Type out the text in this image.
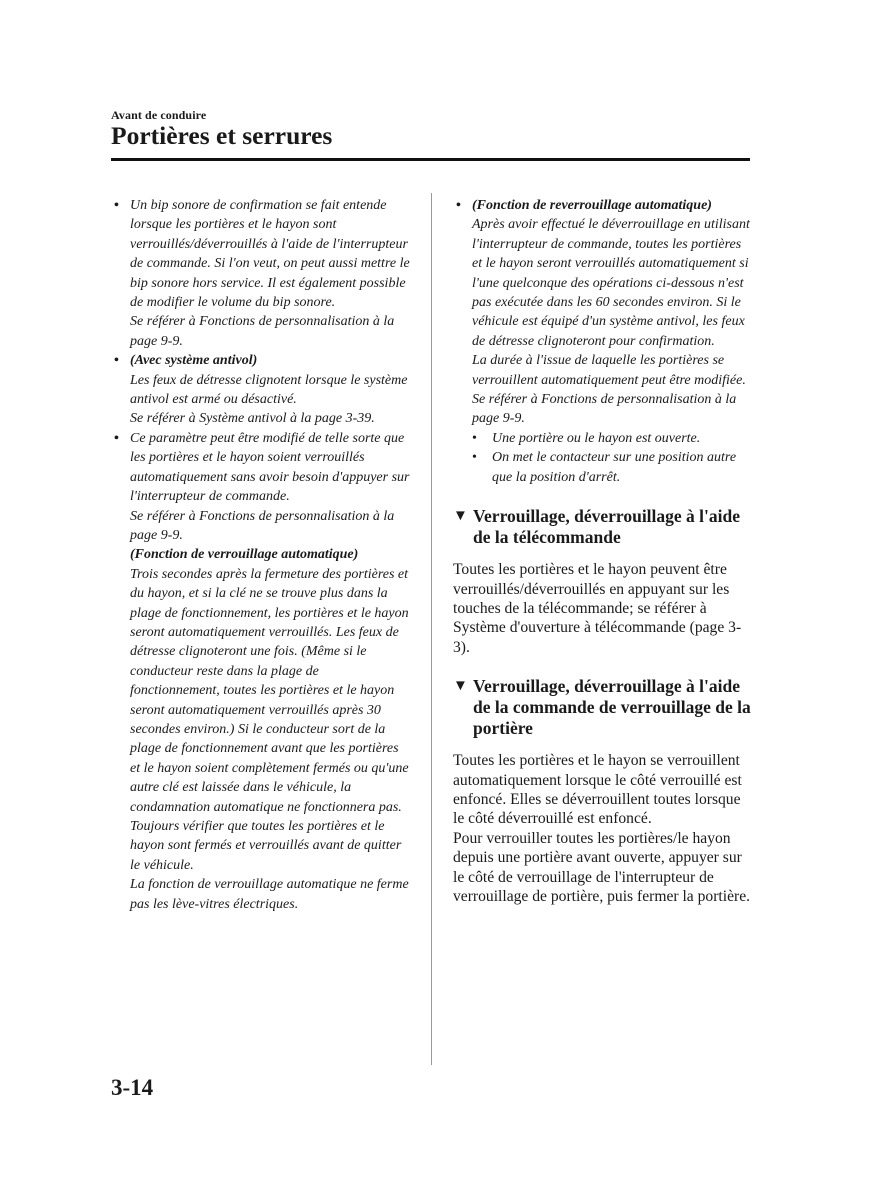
Avant de conduire
Portières et serrures
• Un bip sonore de confirmation se fait entende lorsque les portières et le hayon sont verrouillés/déverrouillés à l'aide de l'interrupteur de commande. Si l'on veut, on peut aussi mettre le bip sonore hors service. Il est également possible de modifier le volume du bip sonore.

Se référer à Fonctions de personnalisation à la page 9-9.

• (Avec système antivol)

Les feux de détresse clignotent lorsque le système antivol est armé ou désactivé.

Se référer à Système antivol à la page 3-39.

• Ce paramètre peut être modifié de telle sorte que les portières et le hayon soient verrouillés automatiquement sans avoir besoin d'appuyer sur l'interrupteur de commande.

Se référer à Fonctions de personnalisation à la page 9-9.

(Fonction de verrouillage automatique)

Trois secondes après la fermeture des portières et du hayon, et si la clé ne se trouve plus dans la plage de fonctionnement, les portières et le hayon seront automatiquement verrouillés. Les feux de détresse clignoteront une fois. (Même si le conducteur reste dans la plage de fonctionnement, toutes les portières et le hayon seront automatiquement verrouillés après 30 secondes environ.) Si le conducteur sort de la plage de fonctionnement avant que les portières et le hayon soient complètement fermés ou qu'une autre clé est laissée dans le véhicule, la condamnation automatique ne fonctionnera pas. Toujours vérifier que toutes les portières et le hayon sont fermés et verrouillés avant de quitter le véhicule.

La fonction de verrouillage automatique ne ferme pas les lève-vitres électriques.

• (Fonction de reverrouillage automatique)

Après avoir effectué le déverrouillage en utilisant l'interrupteur de commande, toutes les portières et le hayon seront verrouillés automatiquement si l'une quelconque des opérations ci-dessous n'est pas exécutée dans les 60 secondes environ. Si le véhicule est équipé d'un système antivol, les feux de détresse clignoteront pour confirmation.

La durée à l'issue de laquelle les portières se verrouillent automatiquement peut être modifiée.

Se référer à Fonctions de personnalisation à la page 9-9.

• Une portière ou le hayon est ouverte.

• On met le contacteur sur une position autre que la position d'arrêt.

▼ Verrouillage, déverrouillage à l'aide de la télécommande

Toutes les portières et le hayon peuvent être verrouillés/déverrouillés en appuyant sur les touches de la télécommande; se référer à Système d'ouverture à télécommande (page 3-3).

▼ Verrouillage, déverrouillage à l'aide de la commande de verrouillage de la portière

Toutes les portières et le hayon se verrouillent automatiquement lorsque le côté verrouillé est enfoncé. Elles se déverrouillent toutes lorsque le côté déverrouillé est enfoncé.

Pour verrouiller toutes les portières/le hayon depuis une portière avant ouverte, appuyer sur le côté de verrouillage de l'interrupteur de verrouillage de portière, puis fermer la portière.

3-14
